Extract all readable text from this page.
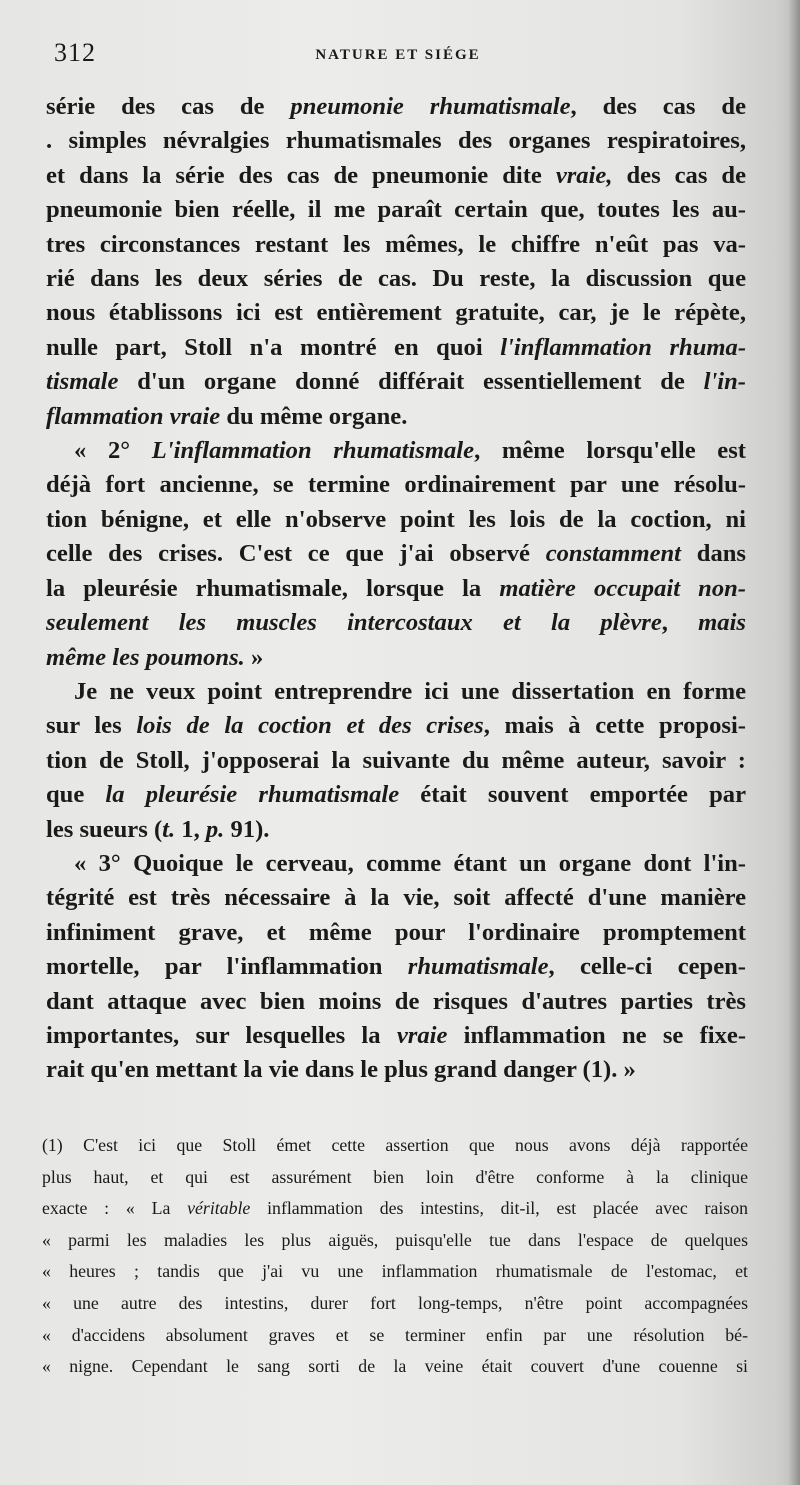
312	NATURE ET SIÉGE
série des cas de pneumonie rhumatismale, des cas de
. simples névralgies rhumatismales des organes respiratoires,
et dans la série des cas de pneumonie dite vraie, des cas de
pneumonie bien réelle, il me paraît certain que, toutes les au-
tres circonstances restant les mêmes, le chiffre n'eût pas va-
rié dans les deux séries de cas. Du reste, la discussion que
nous établissons ici est entièrement gratuite, car, je le répète,
nulle part, Stoll n'a montré en quoi l'inflammation rhuma-
tismale d'un organe donné différait essentiellement de l'in-
flammation vraie du même organe.
« 2° L'inflammation rhumatismale, même lorsqu'elle est
déjà fort ancienne, se termine ordinairement par une résolu-
tion bénigne, et elle n'observe point les lois de la coction, ni
celle des crises. C'est ce que j'ai observé constamment dans
la pleurésie rhumatismale, lorsque la matière occupait non-
seulement les muscles intercostaux et la plèvre, mais
même les poumons. »
Je ne veux point entreprendre ici une dissertation en forme
sur les lois de la coction et des crises, mais à cette proposi-
tion de Stoll, j'opposerai la suivante du même auteur, savoir :
que la pleurésie rhumatismale était souvent emportée par
les sueurs (t. 1, p. 91).
« 3° Quoique le cerveau, comme étant un organe dont l'in-
tégrité est très nécessaire à la vie, soit affecté d'une manière
infiniment grave, et même pour l'ordinaire promptement
mortelle, par l'inflammation rhumatismale, celle-ci cepen-
dant attaque avec bien moins de risques d'autres parties très
importantes, sur lesquelles la vraie inflammation ne se fixe-
rait qu'en mettant la vie dans le plus grand danger (1). »
(1) C'est ici que Stoll émet cette assertion que nous avons déjà rapportée
plus haut, et qui est assurément bien loin d'être conforme à la clinique
exacte : « La véritable inflammation des intestins, dit-il, est placée avec raison
« parmi les maladies les plus aiguës, puisqu'elle tue dans l'espace de quelques
« heures ; tandis que j'ai vu une inflammation rhumatismale de l'estomac, et
« une autre des intestins, durer fort long-temps, n'être point accompagnées
« d'accidens absolument graves et se terminer enfin par une résolution bé-
« nigne. Cependant le sang sorti de la veine était couvert d'une couenne si
